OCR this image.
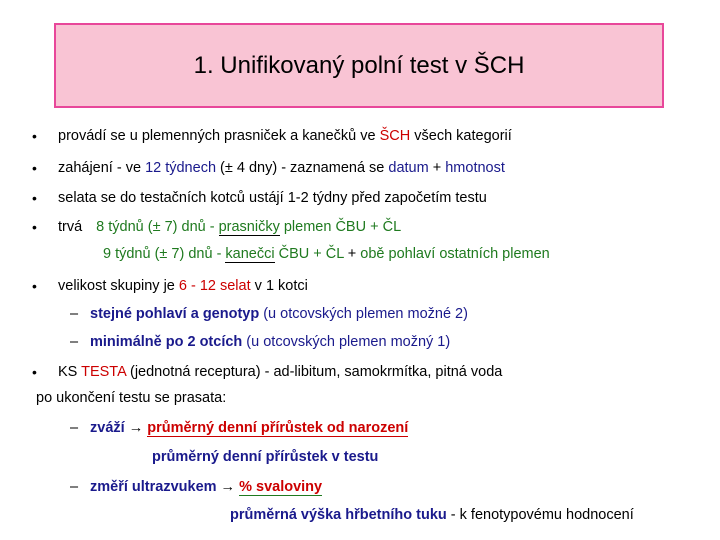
1. Unifikovaný polní test v ŠCH
• provádí se u plemenných prasniček a kanečků ve ŠCH všech kategorií
• zahájení - ve 12 týdnech (± 4 dny) - zaznamená se datum + hmotnost
• selata se do testačních kotců ustájí 1-2 týdny před započetím testu
• trvá 8 týdnů (± 7) dnů - prasničky plemen ČBU + ČL
9 týdnů (± 7) dnů - kanečci ČBU + ČL + obě pohlaví ostatních plemen
• velikost skupiny je 6 - 12 selat v 1 kotci
– stejné pohlaví a genotyp (u otcovských plemen možné 2)
– minimálně po 2 otcích (u otcovských plemen možný 1)
• KS TESTA (jednotná receptura) - ad-libitum, samokrmítka, pitná voda
po ukončení testu se prasata:
– zváží → průměrný denní přírůstek od narození
průměrný denní přírůstek v testu
– změří ultrazvukem → % svaloviny
průměrná výška hřbetního tuku - k fenotypovému hodnocení
